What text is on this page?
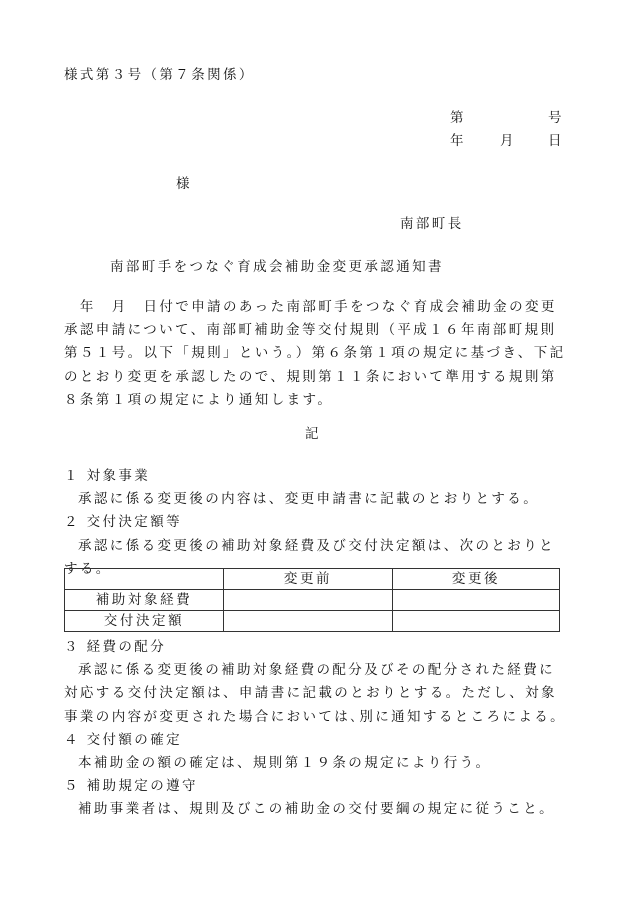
様式第３号（第７条関係）
第	号
年	月 日
様
南部町長
南部町手をつなぐ育成会補助金変更承認通知書

　年　月　日付で申請のあった南部町手をつなぐ育成会補助金の変更

承認申請について、南部町補助金等交付規則（平成１６年南部町規則

第５１号。以下「規則」という。）第６条第１項の規定に基づき、下記

のとおり変更を承認したので、規則第１１条において準用する規則第

８条第１項の規定により通知します。

記
１ 対象事業
承認に係る変更後の内容は、変更申請書に記載のとおりとする。
２ 交付決定額等
承認に係る変更後の補助対象経費及び交付決定額は、次のとおりと
する。
	変更前	変更後
補助対象経費		
交付決定額		
３ 経費の配分
承認に係る変更後の補助対象経費の配分及びその配分された経費に
対応する交付決定額は、申請書に記載のとおりとする。ただし、対象
事業の内容が変更された場合においては､別に通知するところによる。
４ 交付額の確定
本補助金の額の確定は、規則第１９条の規定により行う。
５ 補助規定の遵守
補助事業者は、規則及びこの補助金の交付要綱の規定に従うこと。
